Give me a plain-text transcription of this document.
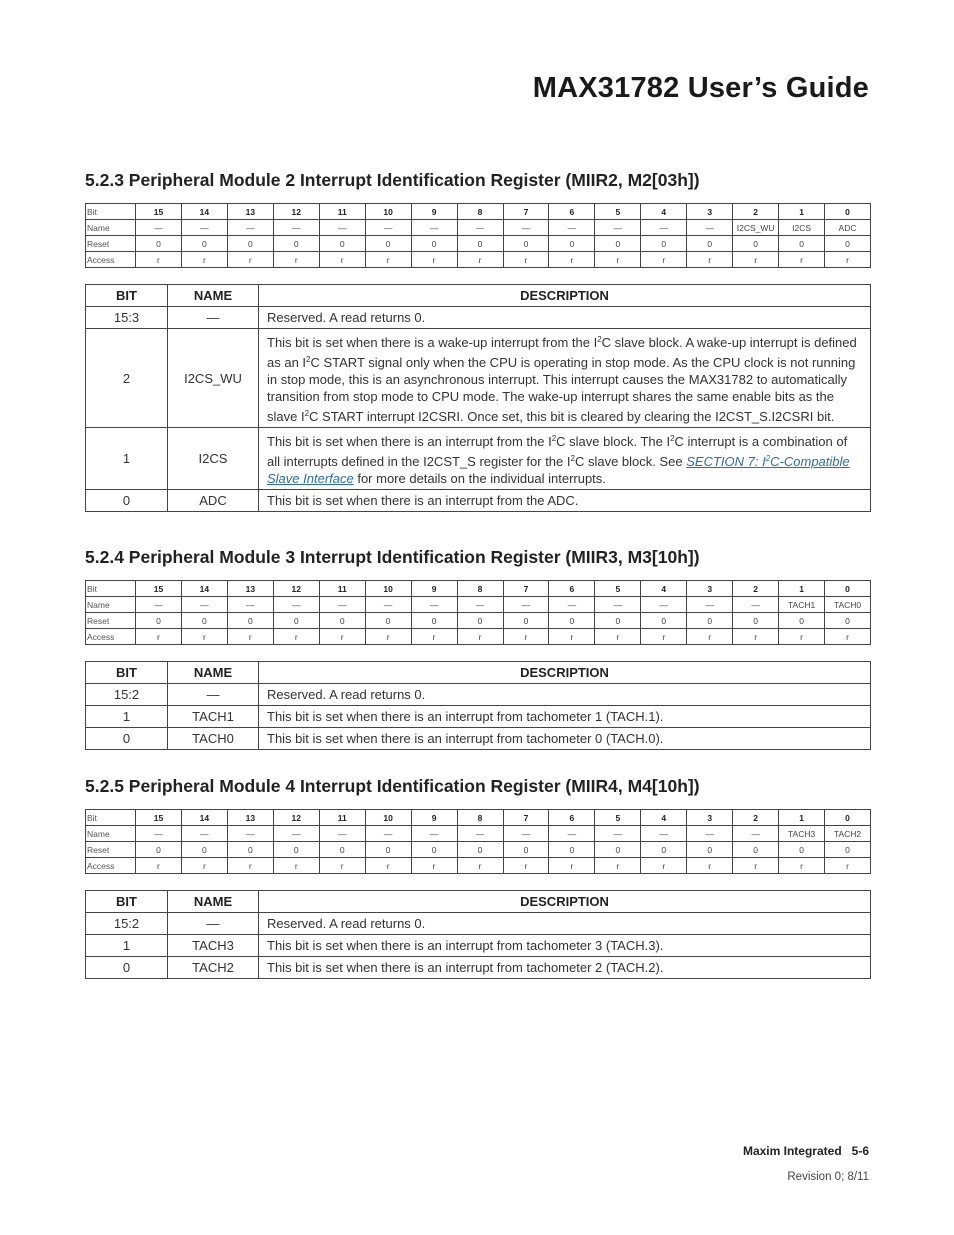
MAX31782 User’s Guide
5.2.3 Peripheral Module 2 Interrupt Identification Register (MIIR2, M2[03h])
Bit	15	14	13	12	11	10	9	8	7	6	5	4	3	2	1	0
Name	—	—	—	—	—	—	—	—	—	—	—	—	—	I2CS_WU	I2CS	ADC
Reset	0	0	0	0	0	0	0	0	0	0	0	0	0	0	0	0
Access	r	r	r	r	r	r	r	r	r	r	r	r	r	r	r	r
BIT	NAME	DESCRIPTION
15:3	—	Reserved. A read returns 0.
2	I2CS_WU	This bit is set when there is a wake-up interrupt from the $I^2C$ slave block. A wake-up interrupt is defined as an $I^2C$ START signal only when the CPU is operating in stop mode. As the CPU clock is not running in stop mode, this is an asynchronous interrupt. This interrupt causes the MAX31782 to automatically transition from stop mode to CPU mode. The wake-up interrupt shares the same enable bits as the slave $I^2C$ START interrupt I2CSRI. Once set, this bit is cleared by clearing the I2CST_S.I2CSRI bit.
1	I2CS	This bit is set when there is an interrupt from the $I^2C$ slave block. The $I^2C$ interrupt is a combination of all interrupts defined in the I2CST_S register for the $I^2C$ slave block. See SECTION 7: $I^2C$-Compatible Slave Interface for more details on the individual interrupts.
0	ADC	This bit is set when there is an interrupt from the ADC.
5.2.4 Peripheral Module 3 Interrupt Identification Register (MIIR3, M3[10h])
Bit	15	14	13	12	11	10	9	8	7	6	5	4	3	2	1	0
Name	—	—	—	—	—	—	—	—	—	—	—	—	—	—	TACH1	TACH0
Reset	0	0	0	0	0	0	0	0	0	0	0	0	0	0	0	0
Access	r	r	r	r	r	r	r	r	r	r	r	r	r	r	r	r
BIT	NAME	DESCRIPTION
15:2	—	Reserved. A read returns 0.
1	TACH1	This bit is set when there is an interrupt from tachometer 1 (TACH.1).
0	TACH0	This bit is set when there is an interrupt from tachometer 0 (TACH.0).
5.2.5 Peripheral Module 4 Interrupt Identification Register (MIIR4, M4[10h])
Bit	15	14	13	12	11	10	9	8	7	6	5	4	3	2	1	0
Name	—	—	—	—	—	—	—	—	—	—	—	—	—	—	TACH3	TACH2
Reset	0	0	0	0	0	0	0	0	0	0	0	0	0	0	0	0
Access	r	r	r	r	r	r	r	r	r	r	r	r	r	r	r	r
BIT	NAME	DESCRIPTION
15:2	—	Reserved. A read returns 0.
1	TACH3	This bit is set when there is an interrupt from tachometer 3 (TACH.3).
0	TACH2	This bit is set when there is an interrupt from tachometer 2 (TACH.2).
Maxim Integrated   5-6
Revision 0; 8/11
